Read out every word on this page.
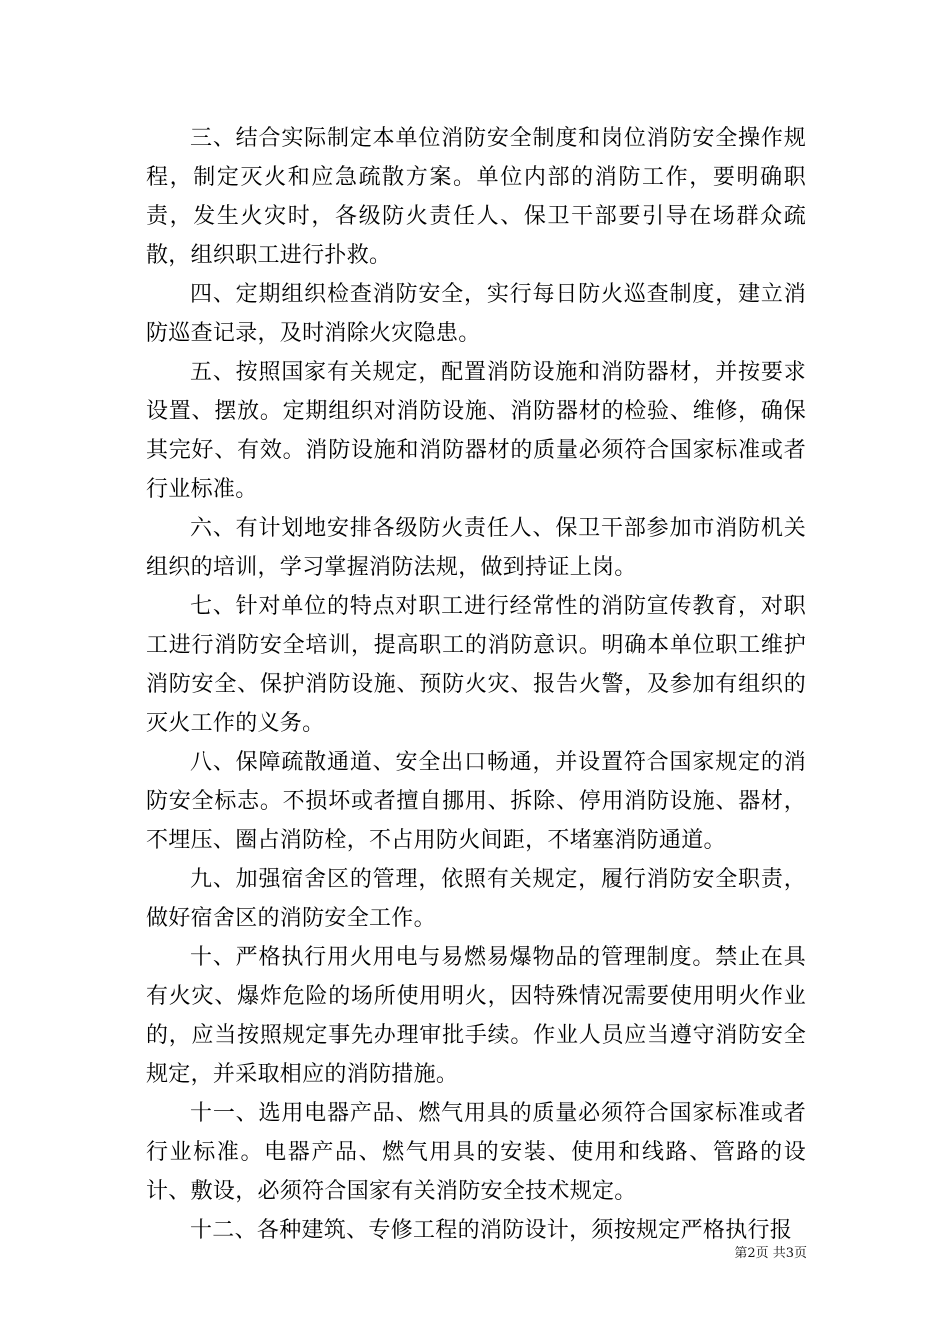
三、结合实际制定本单位消防安全制度和岗位消防安全操作规程，制定灭火和应急疏散方案。单位内部的消防工作，要明确职责，发生火灾时，各级防火责任人、保卫干部要引导在场群众疏散，组织职工进行扑救。

四、定期组织检查消防安全，实行每日防火巡查制度，建立消防巡查记录，及时消除火灾隐患。

五、按照国家有关规定，配置消防设施和消防器材，并按要求设置、摆放。定期组织对消防设施、消防器材的检验、维修，确保其完好、有效。消防设施和消防器材的质量必须符合国家标准或者行业标准。

六、有计划地安排各级防火责任人、保卫干部参加市消防机关组织的培训，学习掌握消防法规，做到持证上岗。

七、针对单位的特点对职工进行经常性的消防宣传教育，对职工进行消防安全培训，提高职工的消防意识。明确本单位职工维护消防安全、保护消防设施、预防火灾、报告火警，及参加有组织的灭火工作的义务。

八、保障疏散通道、安全出口畅通，并设置符合国家规定的消防安全标志。不损坏或者擅自挪用、拆除、停用消防设施、器材，不埋压、圈占消防栓，不占用防火间距，不堵塞消防通道。

九、加强宿舍区的管理，依照有关规定，履行消防安全职责，做好宿舍区的消防安全工作。

十、严格执行用火用电与易燃易爆物品的管理制度。禁止在具有火灾、爆炸危险的场所使用明火，因特殊情况需要使用明火作业的，应当按照规定事先办理审批手续。作业人员应当遵守消防安全规定，并采取相应的消防措施。

十一、选用电器产品、燃气用具的质量必须符合国家标准或者行业标准。电器产品、燃气用具的安装、使用和线路、管路的设计、敷设，必须符合国家有关消防安全技术规定。

十二、各种建筑、专修工程的消防设计，须按规定严格执行报

第2页 共3页
